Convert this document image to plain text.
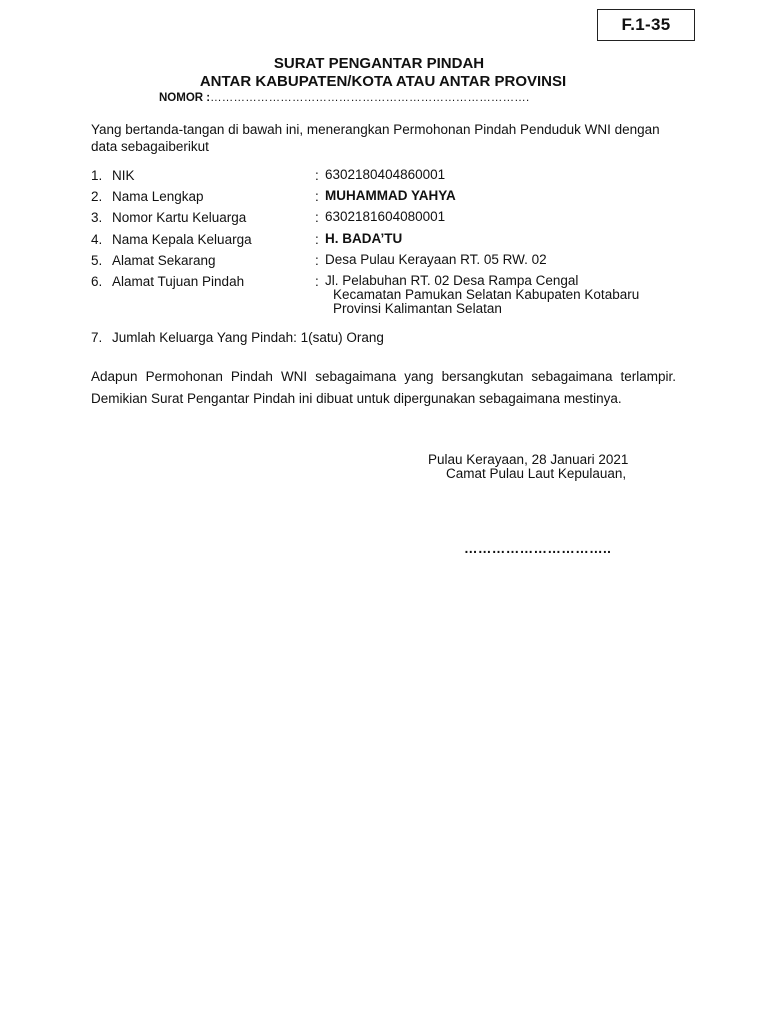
F.1-35
SURAT PENGANTAR PINDAH
ANTAR KABUPATEN/KOTA ATAU ANTAR PROVINSI
NOMOR :……………………………………………………………………….
Yang bertanda-tangan di bawah ini, menerangkan Permohonan Pindah Penduduk WNI dengan data sebagaiberikut
1. NIK	: 6302180404860001
2. Nama Lengkap	: MUHAMMAD YAHYA
3. Nomor Kartu Keluarga	: 6302181604080001
4. Nama Kepala Keluarga	: H. BADA’TU
5. Alamat Sekarang	: Desa Pulau Kerayaan RT. 05 RW. 02
6. Alamat Tujuan Pindah	: Jl. Pelabuhan RT. 02 Desa Rampa Cengal
Kecamatan Pamukan Selatan Kabupaten Kotabaru
Provinsi Kalimantan Selatan
7. Jumlah Keluarga Yang Pindah: 1(satu) Orang
Adapun Permohonan Pindah WNI sebagaimana yang bersangkutan sebagaimana terlampir. Demikian Surat Pengantar Pindah ini dibuat untuk dipergunakan sebagaimana mestinya.
Pulau Kerayaan, 28 Januari 2021
Camat Pulau Laut Kepulauan,
…………………………..
